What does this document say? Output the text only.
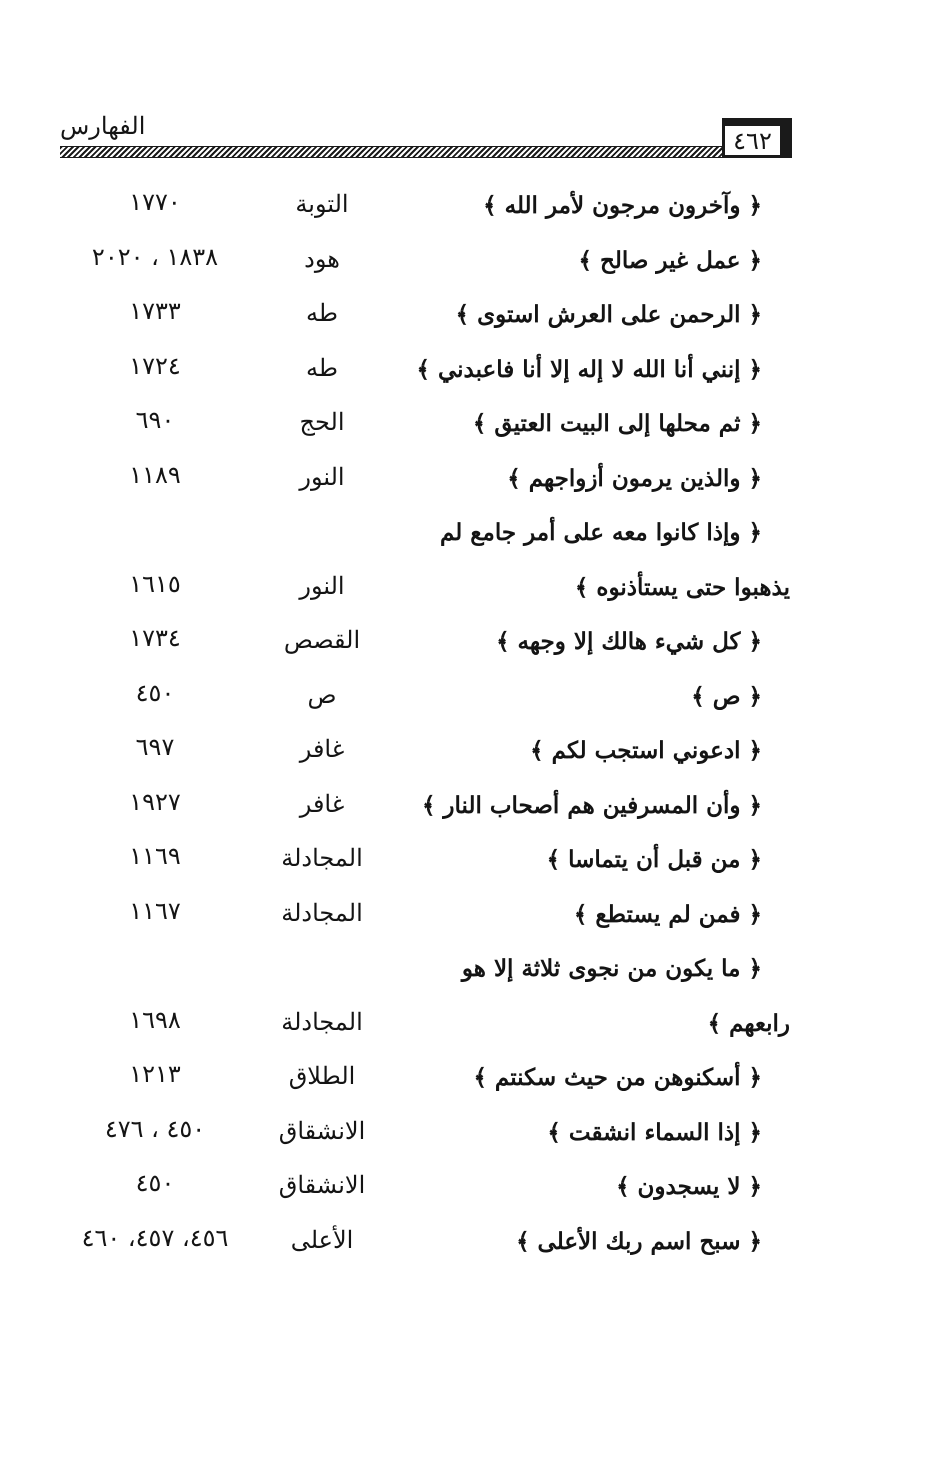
الفهارس
٤٦٢
﴿ وآخرون مرجون لأمر الله ﴾
التوبة
١٧٧٠
﴿ عمل غير صالح ﴾
هود
١٨٣٨ ، ٢٠٢٠
﴿ الرحمن على العرش استوى ﴾
طه
١٧٣٣
﴿ إنني أنا الله لا إله إلا أنا فاعبدني ﴾
طه
١٧٢٤
﴿ ثم محلها إلى البيت العتيق ﴾
الحج
٦٩٠
﴿ والذين يرمون أزواجهم ﴾
النور
١١٨٩
﴿ وإذا كانوا معه على أمر جامع لم
يذهبوا حتى يستأذنوه ﴾
النور
١٦١٥
﴿ كل شيء هالك إلا وجهه ﴾
القصص
١٧٣٤
﴿ ص ﴾
ص
٤٥٠
﴿ ادعوني استجب لكم ﴾
غافر
٦٩٧
﴿ وأن المسرفين هم أصحاب النار ﴾
غافر
١٩٢٧
﴿ من قبل أن يتماسا ﴾
المجادلة
١١٦٩
﴿ فمن لم يستطع ﴾
المجادلة
١١٦٧
﴿ ما يكون من نجوى ثلاثة إلا هو
رابعهم ﴾
المجادلة
١٦٩٨
﴿ أسكنوهن من حيث سكنتم ﴾
الطلاق
١٢١٣
﴿ إذا السماء انشقت ﴾
الانشقاق
٤٥٠ ، ٤٧٦
﴿ لا يسجدون ﴾
الانشقاق
٤٥٠
﴿ سبح اسم ربك الأعلى ﴾
الأعلى
٤٥٦، ٤٥٧، ٤٦٠
